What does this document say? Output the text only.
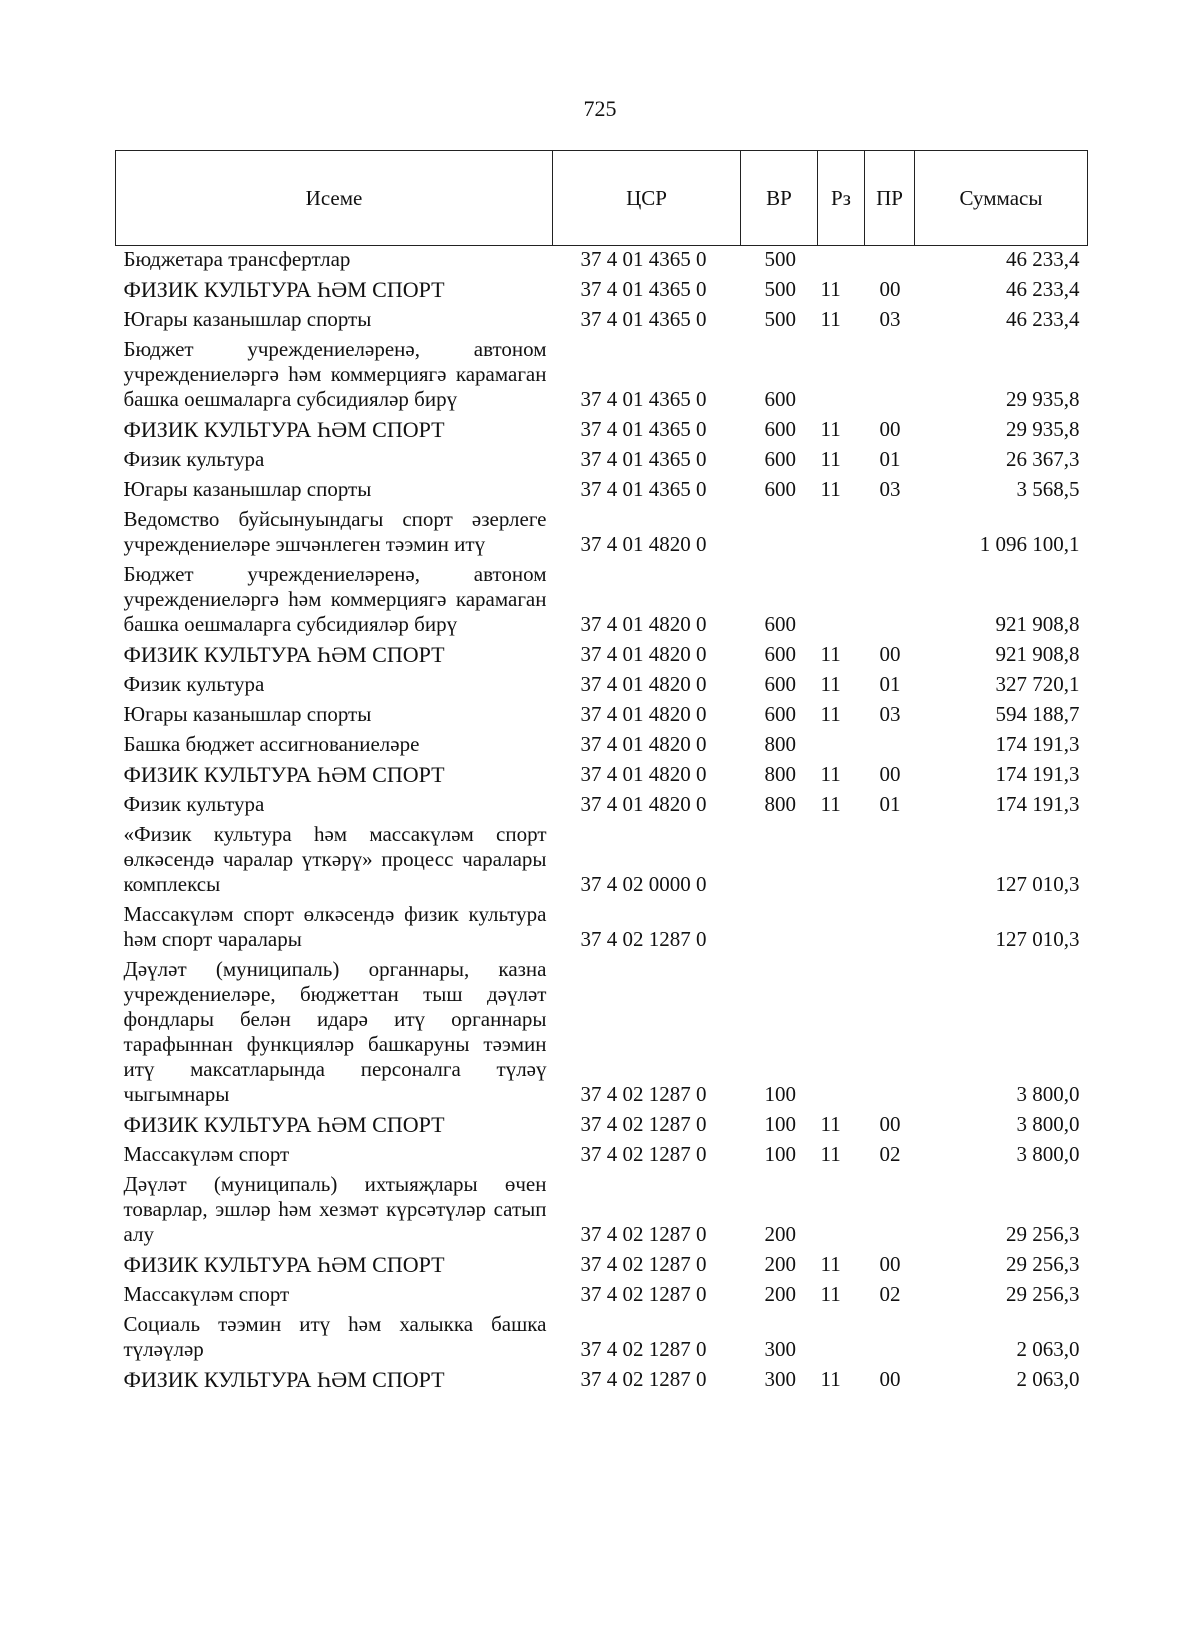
725
Исеме	ЦСР	ВР	Рз	ПР	Суммасы
Бюджетара трансфертлар	37 4 01 4365 0	500			46 233,4
ФИЗИК КУЛЬТУРА ҺӘМ СПОРТ	37 4 01 4365 0	500	11	00	46 233,4
Югары казанышлар спорты	37 4 01 4365 0	500	11	03	46 233,4
Бюджет учреждениеләренә, автоном учреждениеләргә һәм коммерциягә карамаган башка оешмаларга субсидияләр бирү	37 4 01 4365 0	600			29 935,8
ФИЗИК КУЛЬТУРА ҺӘМ СПОРТ	37 4 01 4365 0	600	11	00	29 935,8
Физик культура	37 4 01 4365 0	600	11	01	26 367,3
Югары казанышлар спорты	37 4 01 4365 0	600	11	03	3 568,5
Ведомство буйсынуындагы спорт әзерлеге учреждениеләре эшчәнлеген тәэмин итү	37 4 01 4820 0				1 096 100,1
Бюджет учреждениеләренә, автоном учреждениеләргә һәм коммерциягә карамаган башка оешмаларга субсидияләр бирү	37 4 01 4820 0	600			921 908,8
ФИЗИК КУЛЬТУРА ҺӘМ СПОРТ	37 4 01 4820 0	600	11	00	921 908,8
Физик культура	37 4 01 4820 0	600	11	01	327 720,1
Югары казанышлар спорты	37 4 01 4820 0	600	11	03	594 188,7
Башка бюджет ассигнованиеләре	37 4 01 4820 0	800			174 191,3
ФИЗИК КУЛЬТУРА ҺӘМ СПОРТ	37 4 01 4820 0	800	11	00	174 191,3
Физик культура	37 4 01 4820 0	800	11	01	174 191,3
«Физик культура һәм массакүләм спорт өлкәсендә чаралар үткәрү» процесс чаралары комплексы	37 4 02 0000 0				127 010,3
Массакүләм спорт өлкәсендә физик культура һәм спорт чаралары	37 4 02 1287 0				127 010,3
Дәүләт (муниципаль) органнары, казна учреждениеләре, бюджеттан тыш дәүләт фондлары белән идарә итү органнары тарафыннан функцияләр башкаруны тәэмин итү максатларында персоналга түләү чыгымнары	37 4 02 1287 0	100			3 800,0
ФИЗИК КУЛЬТУРА ҺӘМ СПОРТ	37 4 02 1287 0	100	11	00	3 800,0
Массакүләм спорт	37 4 02 1287 0	100	11	02	3 800,0
Дәүләт (муниципаль) ихтыяҗлары өчен товарлар, эшләр һәм хезмәт күрсәтүләр сатып алу	37 4 02 1287 0	200			29 256,3
ФИЗИК КУЛЬТУРА ҺӘМ СПОРТ	37 4 02 1287 0	200	11	00	29 256,3
Массакүләм спорт	37 4 02 1287 0	200	11	02	29 256,3
Социаль тәэмин итү һәм халыкка башка түләүләр	37 4 02 1287 0	300			2 063,0
ФИЗИК КУЛЬТУРА ҺӘМ СПОРТ	37 4 02 1287 0	300	11	00	2 063,0
